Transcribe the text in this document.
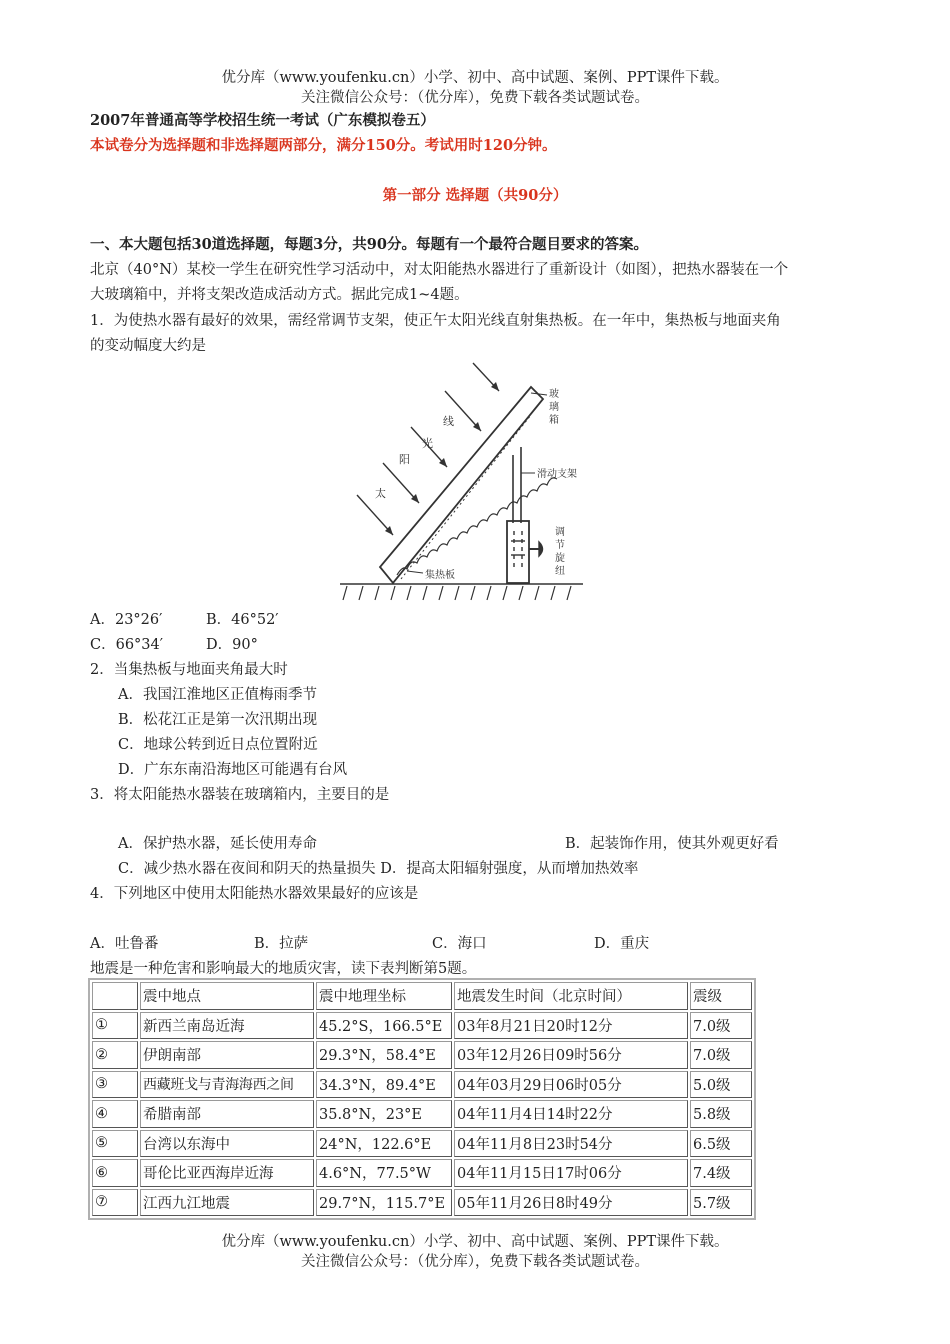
优分库（www.youfenku.cn）小学、初中、高中试题、案例、PPT课件下载。
关注微信公众号：（优分库），免费下载各类试题试卷。
2007年普通高等学校招生统一考试（广东模拟卷五）
本试卷分为选择题和非选择题两部分，满分150分。考试用时120分钟。
第一部分 选择题（共90分）
一、本大题包括30道选择题，每题3分，共90分。每题有一个最符合题目要求的答案。
北京（40°N）某校一学生在研究性学习活动中，对太阳能热水器进行了重新设计（如图），把热水器装在一个
大玻璃箱中，并将支架改造成活动方式。据此完成1~4题。
1．为使热水器有最好的效果，需经常调节支架，使正午太阳光线直射集热板。在一年中，集热板与地面夹角
的变动幅度大约是
太
阳
光
线
玻
璃
箱
滑动支架
调
节
旋
纽
集热板
A．23°26′	B．46°52′
C．66°34′	D．90°
2．当集热板与地面夹角最大时
A．我国江淮地区正值梅雨季节
B．松花江正是第一次汛期出现
C．地球公转到近日点位置附近
D．广东东南沿海地区可能遇有台风
3．将太阳能热水器装在玻璃箱内，主要目的是
A．保护热水器，延长使用寿命	B．起装饰作用，使其外观更好看
C．减少热水器在夜间和阴天的热量损失 D．提高太阳辐射强度，从而增加热效率
4．下列地区中使用太阳能热水器效果最好的应该是
A．吐鲁番	B．拉萨	C．海口	D．重庆
地震是一种危害和影响最大的地质灾害，读下表判断第5题。
	震中地点	震中地理坐标	地震发生时间（北京时间）	震级
①	新西兰南岛近海	45.2°S，166.5°E	03年8月21日20时12分	7.0级
②	伊朗南部	29.3°N，58.4°E	03年12月26日09时56分	7.0级
③	西藏班戈与青海海西之间	34.3°N，89.4°E	04年03月29日06时05分	5.0级
④	希腊南部	35.8°N，23°E	04年11月4日14时22分	5.8级
⑤	台湾以东海中	24°N，122.6°E	04年11月8日23时54分	6.5级
⑥	哥伦比亚西海岸近海	4.6°N，77.5°W	04年11月15日17时06分	7.4级
⑦	江西九江地震	29.7°N，115.7°E	05年11月26日8时49分	5.7级
优分库（www.youfenku.cn）小学、初中、高中试题、案例、PPT课件下载。
关注微信公众号：（优分库），免费下载各类试题试卷。
